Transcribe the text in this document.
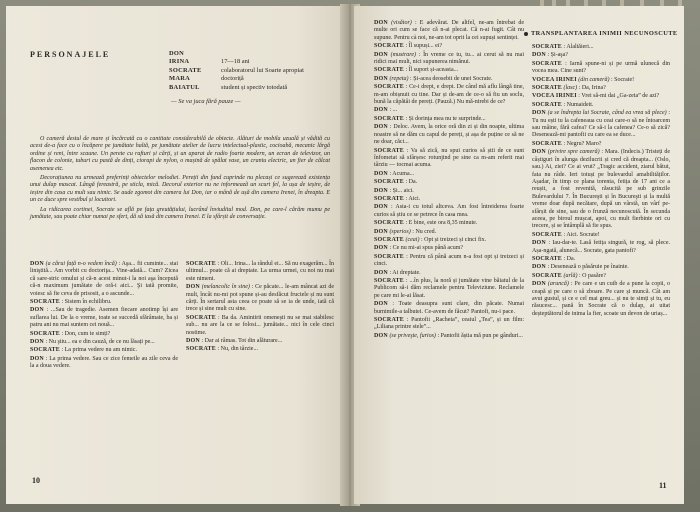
PERSONAJELE	DON
IRINA	17—18 ani
SOCRATE	colaboratorul lui Soarte apropiat
MARA	doctoriță
BAIATUL	student și spectiv totodată
— Se va juca fără pauze —

O cameră destul de mare și încărcată cu o cantitate considerabilă de obiecte. Alături de mobila uzuală și vădită cu acest de-a face cu o încăpere pe jumătate haltă, pe jumătate atelier de lucru intelectual-plastic, cocioabă, mecanic lărgă ordine și reni, între scaune. Un perete cu rafturi și cărți, și un aparat de radio foarte modern, un ecran de televizor, un flacon de colonie, tuburi cu pastă de dinți, ciorapi de nylon, o mașină de spălat vase, un craniu electric, un fier de călcat asemenea etc.

Decorațiunea nu urmează preferinți obiectelor melodiei. Pereții din fund cuprinde nu plecași ce sugerează existența unui dulap mascat. Lângă fereastră, pe sticla, mică. Decorul exterior nu ne informeazã un scurt fel, la ușa de ieșire, de ieșire din casa cu mult sau nimic. Se aude zgomot din camera lui Don, iar o mână de ușă din camera Irenei, în dreapta. E un ce duce spre vestibul și locuitori.

La ridicarea cortinei, Socrate se află pe fața greutățiului, lucrând înviuditul mod. Don, pe care-l cărăm mumu pe jumătate, sau poate chiar numai pe sfert, dă să iasă din camera Irenei. E la sfârșit de conversație.

DON (a cărui față n-o vedem încă) : Aşa... fii cuminte... stai liniştită... Am vorbit cu doctoriţa... Vine-adată... Cum? Zicea că sare-stric omului și că-n acest minut-i la noi aşa începută că-n maximum jumătate de oră-i aici... Şi tată promite, voiesc să fie ceva de prisosit, a o ascunde...

SOCRATE : Sistem în echilibru.

DON : ...Sau de tragedie. Asemen fiecare anotimp își are suflarea lui. De la o vreme, toate se succedă sfărâmate, ba și patru ani nu mai suntem cei nouă...

SOCRATE : Don, cum te simți?

DON : Nu ştiu... ea e din cauză, de ce nu lăsați pe...

SOCRATE : La prima vedere nu am nimic.

DON : La prima vedere. Sau ce zice femeile au zile ceva de la a doua vedere.

SOCRATE : Oli... Irina... la rândul ei... Să nu exagerăm... În ultimul... poate că ai dreptate. La urma urmei, cu noi nu mai este nimeni.

DON (melancolic în sine) : Ce păcate... le-am mâncat azi de mult, încât nu-mi pot spune și-au desfăcut fructele și nu sunt cărți. În sertarul asta ceea ce poate să se ia de unde, iată că trece și sine mult cu sine.

SOCRATE : Ba da. Amintirii omenești nu se mai stabilesc sub... nu are la ce se folosi... jumătate... nici în cele cinci nostime.

DON : Dar ai râmas. Tot din alăturare...

SOCRATE : Nu, din târzie...

10
TRANSPLANTAREA INIMII NECUNOSCUTE

DON (visător) : E adevărat. De altfel, ne-am întrebat de multe ori cum se face că n-ai plecat. Că n-ai fugit. Cât nu supune. Pentru cà noi, ne-am tot oprit la cei supuși sentinței.

SOCRATE : Îl supuși... ei?

DON (mustrare) : În vreme ce tu, tu... ai cerut să nu mai ridici mai mult, nici supunerea nimănui.

SOCRATE : Îl suport și-aceasta...

DON (repeta) : Și-acea deosebit de unei Socrate.

SOCRATE : Ce-i drept, e drept. De când mă aflu lângă tine, m-am obișnuit cu tine. Dar și de-am de ce-o să fiu un soclu, bună la căpătâi de pereți. (Pauză.) Nu mă-ntrebi de ce?

DON : ...

SOCRATE : Și dorința mea nu te surprinde...

DON : Deloc. Avem, la orice oră din zi și din noapte, ultima noastre să ne dăm cu capul de pereți, și așa de puține ce să ne ne doar, căci...

SOCRATE : Va să zică, nu spui curios să știi de ce sunt înfometat să sfârșesc rotunjind pe sine ca m-am referit mai târziu — tocmai acuma.

DON : Acuma...

SOCRATE : Da.

DON : Și... aici.

SOCRATE : Aici.

DON : Asta-i cu totul altceva. Am fost întreiderea foarte curios să știu ce se petrece în casa mea.

SOCRATE : E bine, este ora 8,35 minute.

DON (sperios) : Nu cred.

SOCRATE (ceai) : Opt și treizeci și cinci fix.

DON : Ce nu mi-ai spus până acum?

SOCRATE : Pentru că până acum n-a fost opt și treizeci și cinci.

DON : Ai dreptate.

SOCRATE : ...în plus, la noră și jumătate vine băiatul de la Publicom să-i dăm reclamele pentru Televiziune. Reclamele pe care mi le-ai lăsat.

DON : Toate deasupra sunt clare, din păcate. Numai burnimile-a talbutei. Ce-avem de făcut? Pantofi, nu-i pace.

SOCRATE : Pantofii „Racheta”, ceaiul „Tea”, și un film: „Liliana printre stele”...

DON (se priveşte, furios) : Pantofii ăștia mă pun pe gânduri...

SOCRATE : Alaltăieri...

DON : Și-aşa?

SOCRATE : Iarnă spune-ni și pe urmă ulunecă din vocea mea. Cine sunt?

VOCEA IRINEI (din cameră) : Socrate!

SOCRATE (lasc) : Da, Irina?

VOCEA IRINEI : Vrei să-mi dai „Ga-zeta” de azi?

SOCRATE : Numaideit.

DON (a se îndrepta lui Socrate, când ea vrea să plece) : Tu nu ești tu la cafeneaua cu ceai care-o să ne întoarcem sau mâine, fără cafea? Ce să-i la cafenea? Ce-o să zică? Desenează-mi pantofii cu care ea se duce...

SOCRATE : Negru? Maro?

DON (privire spre cameră) : Mara. (Indecis.) Tristeți de câștiguri în alunga dezilucrii și cred că dreapta... (Oslo, sau.) Ai, ziei? Ce ai vrut? „Tragic accident, ziarul bătut, fata nu râde. Ieri totuși pe bulevardul amabilităților. Așadar, în timp ce plana torenta, fetița de 17 ani ce a reușit, a fost revenită, răsucită pe sub grinzile Bulevardului 7. În Bucureşti și în Bucureşti și la multă vreme doar după necătare, după un vârstă, un vârf pe-sfârșit de sine, sau de o frunză necunoscută. În secunda aceea, pe biroul mușcat, apoi, cu mult fierbinte ori cu trecere, și se întâmplă să fie spus.

SOCRATE : Aici. Socrate!

DON : Iau-dar-te. Lasă fetița singură, te rog, să plece. Așa-ngată, alunecă... Socrate, gata pantofi?

SOCRATE : Da.

DON : Desenează o păsăruie pe înainte.

SOCRATE (arlă) : O pasăre?

DON (aruncă) : Pe care e un cuib de a pune la copii, o ceapă și pe care o să zboare. Pe care și muncă. Cât am avut gustul, și ce e cel mai greu... și nu te simți și tu, eu răsucesc... pană în Socrate că o dulap, ai uitat deșteptătorul de inima la fier, scoate un devon de uriaș...

11
